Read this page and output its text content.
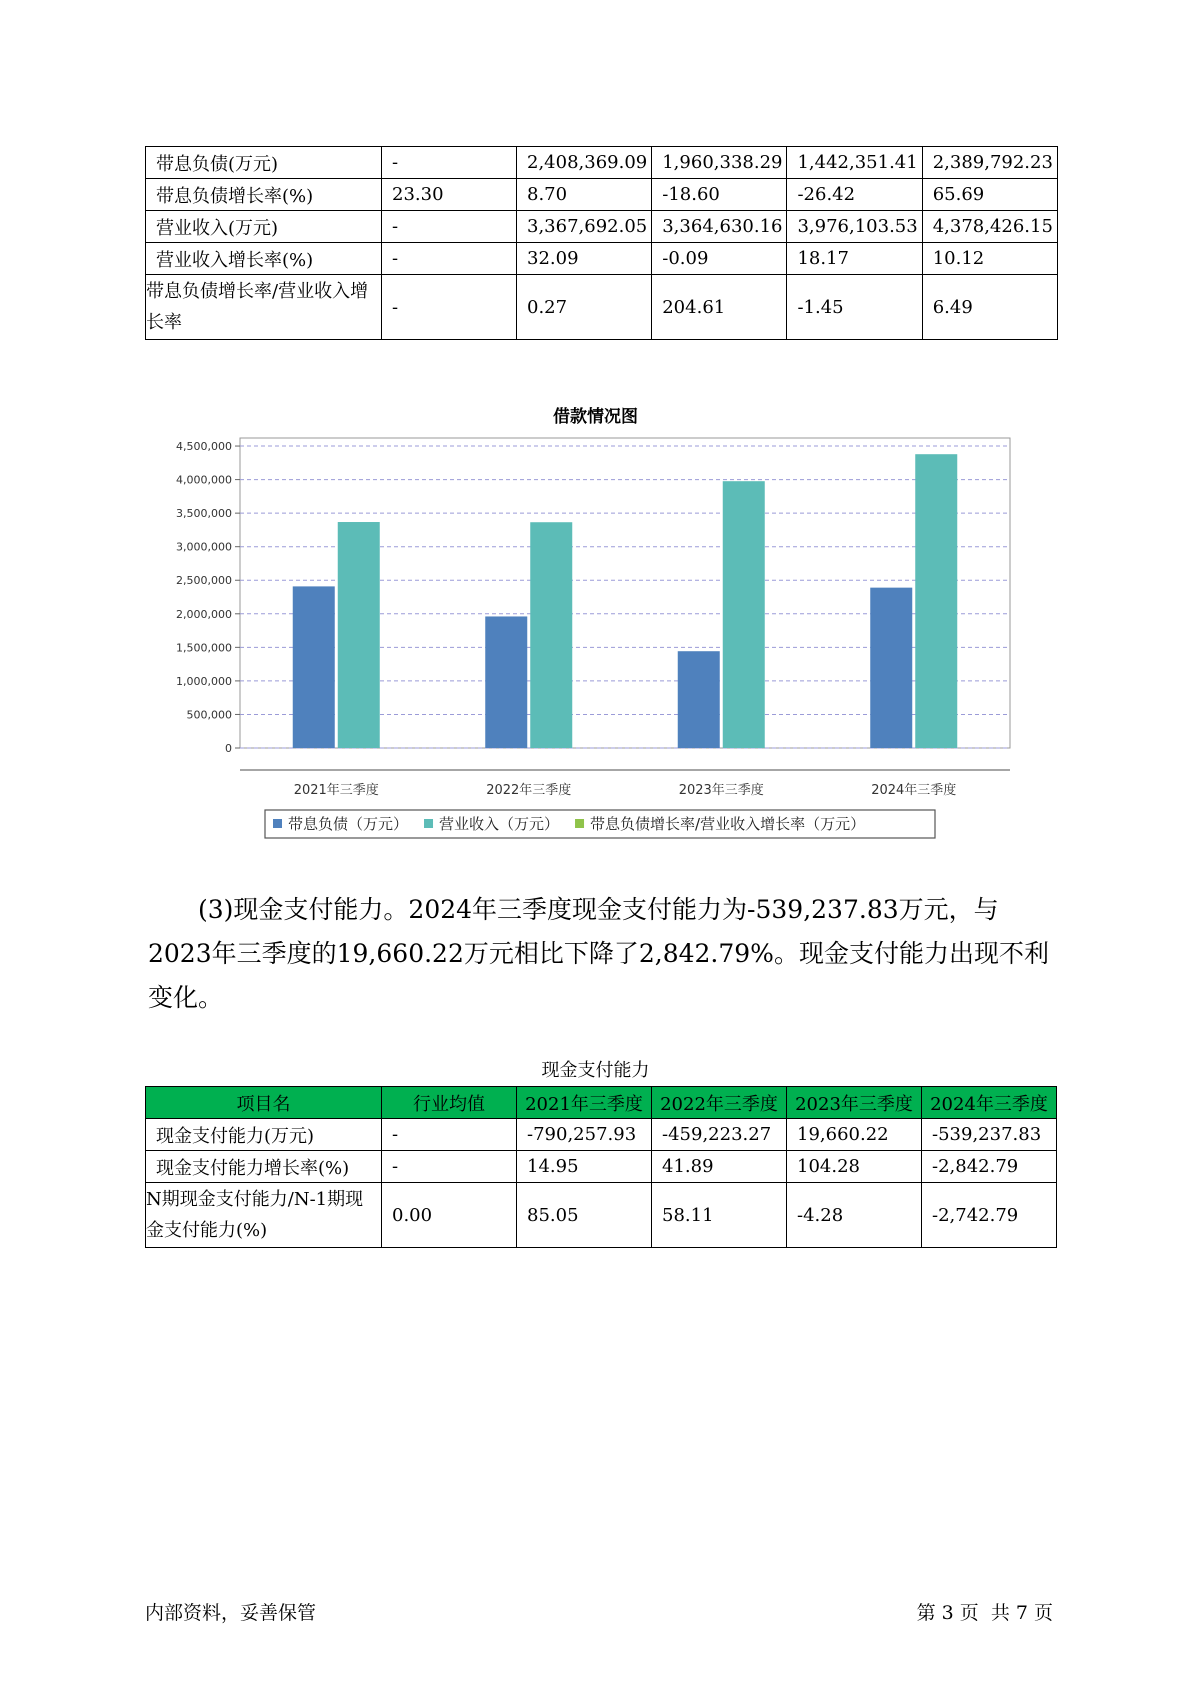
带息负债(万元)	-	2,408,369.09	1,960,338.29	1,442,351.41	2,389,792.23
带息负债增长率(%)	23.30	8.70	-18.60	-26.42	65.69
营业收入(万元)	-	3,367,692.05	3,364,630.16	3,976,103.53	4,378,426.15
营业收入增长率(%)	-	32.09	-0.09	18.17	10.12
带息负债增长率/营业收入增长率	-	0.27	204.61	-1.45	6.49
借款情况图
0
500,000
1,000,000
1,500,000
2,000,000
2,500,000
3,000,000
3,500,000
4,000,000
4,500,000
2021年三季度	2022年三季度	2023年三季度	2024年三季度
带息负债（万元） 营业收入（万元） 带息负债增长率/营业收入增长率（万元）

(3)现金支付能力。2024年三季度现金支付能力为-539,237.83万元，与2023年三季度的19,660.22万元相比下降了2,842.79%。现金支付能力出现不利变化。

现金支付能力
项目名	行业均值	2021年三季度	2022年三季度	2023年三季度	2024年三季度
现金支付能力(万元)	-	-790,257.93	-459,223.27	19,660.22	-539,237.83
现金支付能力增长率(%)	-	14.95	41.89	104.28	-2,842.79
N期现金支付能力/N-1期现金支付能力(%)	0.00	85.05	58.11	-4.28	-2,742.79
内部资料，妥善保管	第 3 页 共 7 页
